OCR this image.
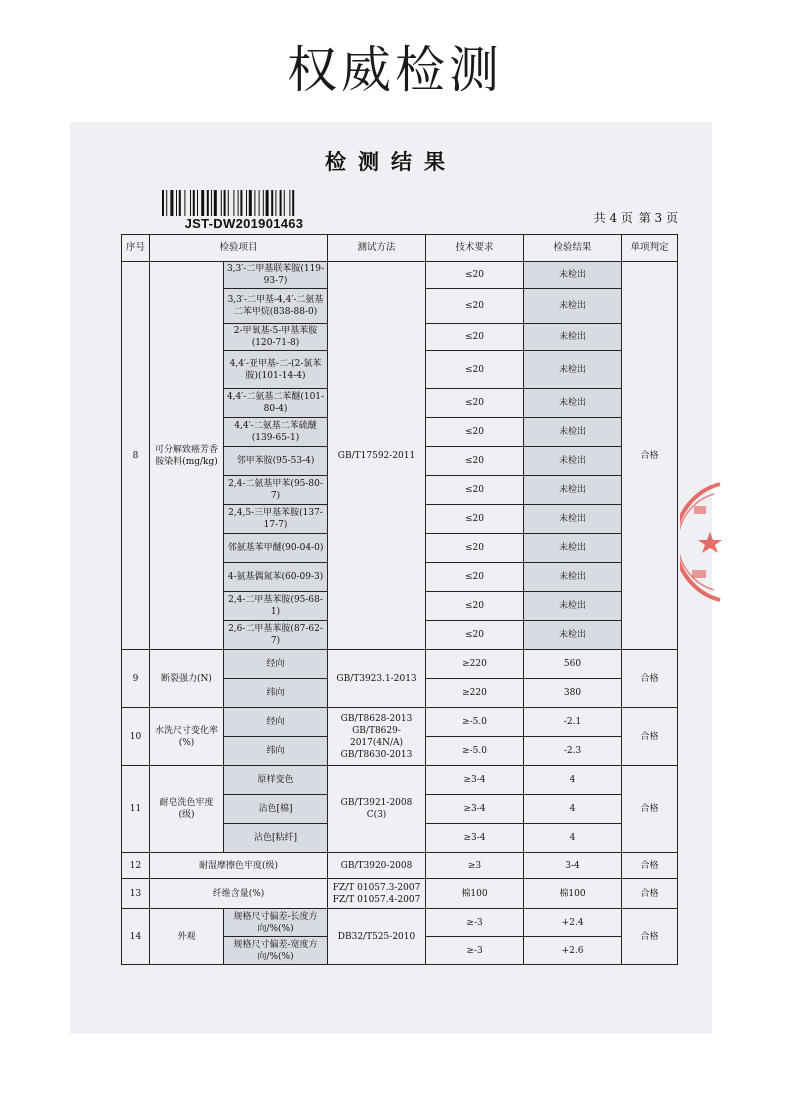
权威检测
检测结果
JST-DW201901463	共 4 页 第 3 页
序号	检验项目		测试方法	技术要求	检验结果	单项判定
8	可分解致癌芳香胺染料(mg/kg)	3,3′-二甲基联苯胺(119-93-7)	GB/T17592-2011	≤20	未检出	合格
		3,3′-二甲基-4,4′-二氨基二苯甲烷(838-88-0)		≤20	未检出	
		2-甲氧基-5-甲基苯胺(120-71-8)		≤20	未检出	
		4,4′-亚甲基-二-(2-氯苯胺)(101-14-4)		≤20	未检出	
		4,4′-二氨基二苯醚(101-80-4)		≤20	未检出	
		4,4′-二氨基二苯硫醚(139-65-1)		≤20	未检出	
		邻甲苯胺(95-53-4)		≤20	未检出	
		2,4-二氨基甲苯(95-80-7)		≤20	未检出	
		2,4,5-三甲基苯胺(137-17-7)		≤20	未检出	
		邻氨基苯甲醚(90-04-0)		≤20	未检出	
		4-氨基偶氮苯(60-09-3)		≤20	未检出	
		2,4-二甲基苯胺(95-68-1)		≤20	未检出	
		2,6-二甲基苯胺(87-62-7)		≤20	未检出	
9	断裂强力(N)	经向	GB/T3923.1-2013	≥220	560	合格
		纬向		≥220	380	
10	水洗尺寸变化率(%)	经向	GB/T8628-2013
GB/T8629-
2017(4N/A)
GB/T8630-2013	≥-5.0	-2.1	合格
		纬向		≥-5.0	-2.3	
11	耐皂洗色牢度(级)	原样变色	GB/T3921-2008 C(3)	≥3-4	4	合格
		沾色[棉]		≥3-4	4	
		沾色[粘纤]		≥3-4	4	
12	耐湿摩擦色牢度(级)		GB/T3920-2008	≥3	3-4	合格
13	纤维含量(%)		FZ/T 01057.3-2007
FZ/T 01057.4-2007	棉100	棉100	合格
14	外观	规格尺寸偏差-长度方向/%(%)	DB32/T525-2010	≥-3	+2.4	合格
		规格尺寸偏差-宽度方向/%(%)		≥-3	+2.6	
